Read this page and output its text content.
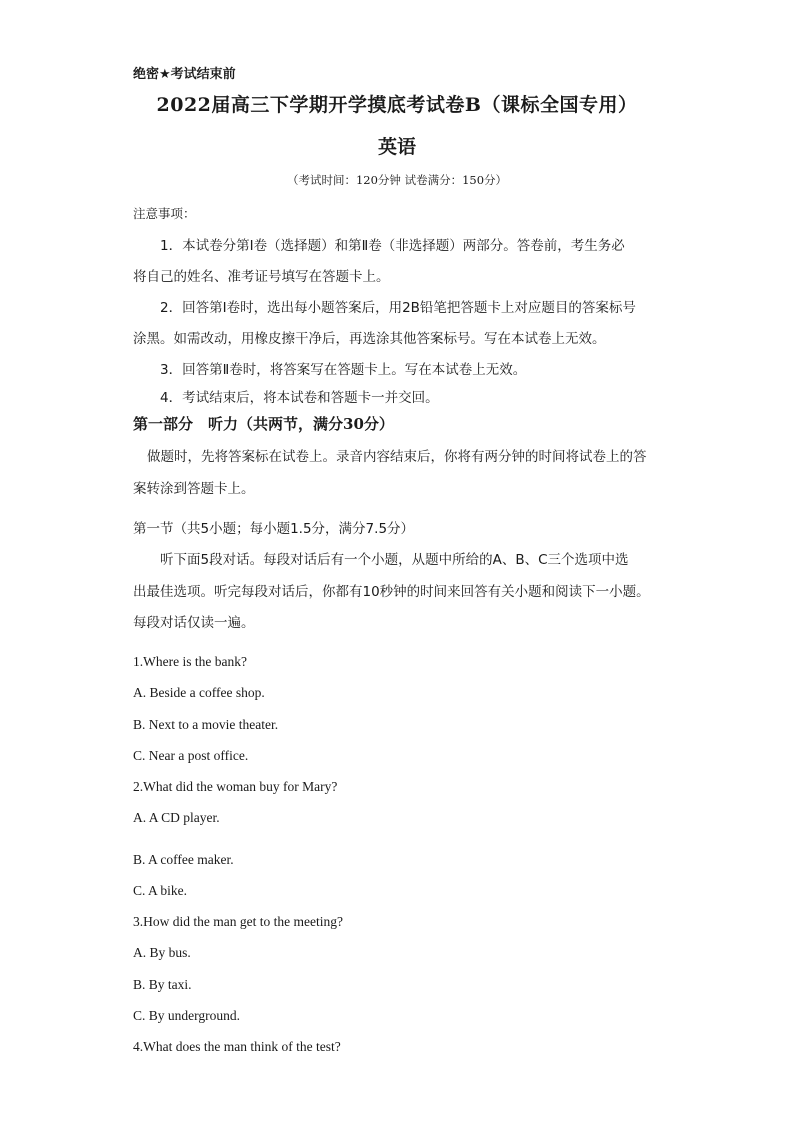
绝密★考试结束前
2022届高三下学期开学摸底考试卷B（课标全国专用）
英语
（考试时间：120分钟 试卷满分：150分）
注意事项：
1．本试卷分第Ⅰ卷（选择题）和第Ⅱ卷（非选择题）两部分。答卷前，考生务必
将自己的姓名、准考证号填写在答题卡上。
2．回答第Ⅰ卷时，选出每小题答案后，用2B铅笔把答题卡上对应题目的答案标号
涂黑。如需改动，用橡皮擦干净后，再选涂其他答案标号。写在本试卷上无效。
3．回答第Ⅱ卷时，将答案写在答题卡上。写在本试卷上无效。
4．考试结束后，将本试卷和答题卡一并交回。
第一部分　听力（共两节，满分30分）
做题时，先将答案标在试卷上。录音内容结束后，你将有两分钟的时间将试卷上的答
案转涂到答题卡上。
第一节（共5小题；每小题1.5分，满分7.5分）
听下面5段对话。每段对话后有一个小题，从题中所给的A、B、C三个选项中选
出最佳选项。听完每段对话后，你都有10秒钟的时间来回答有关小题和阅读下一小题。
每段对话仅读一遍。
1.Where is the bank?
A. Beside a coffee shop.
B. Next to a movie theater.
C. Near a post office.
2.What did the woman buy for Mary?
A. A CD player.
B. A coffee maker.
C. A bike.
3.How did the man get to the meeting?
A. By bus.
B. By taxi.
C. By underground.
4.What does the man think of the test?
